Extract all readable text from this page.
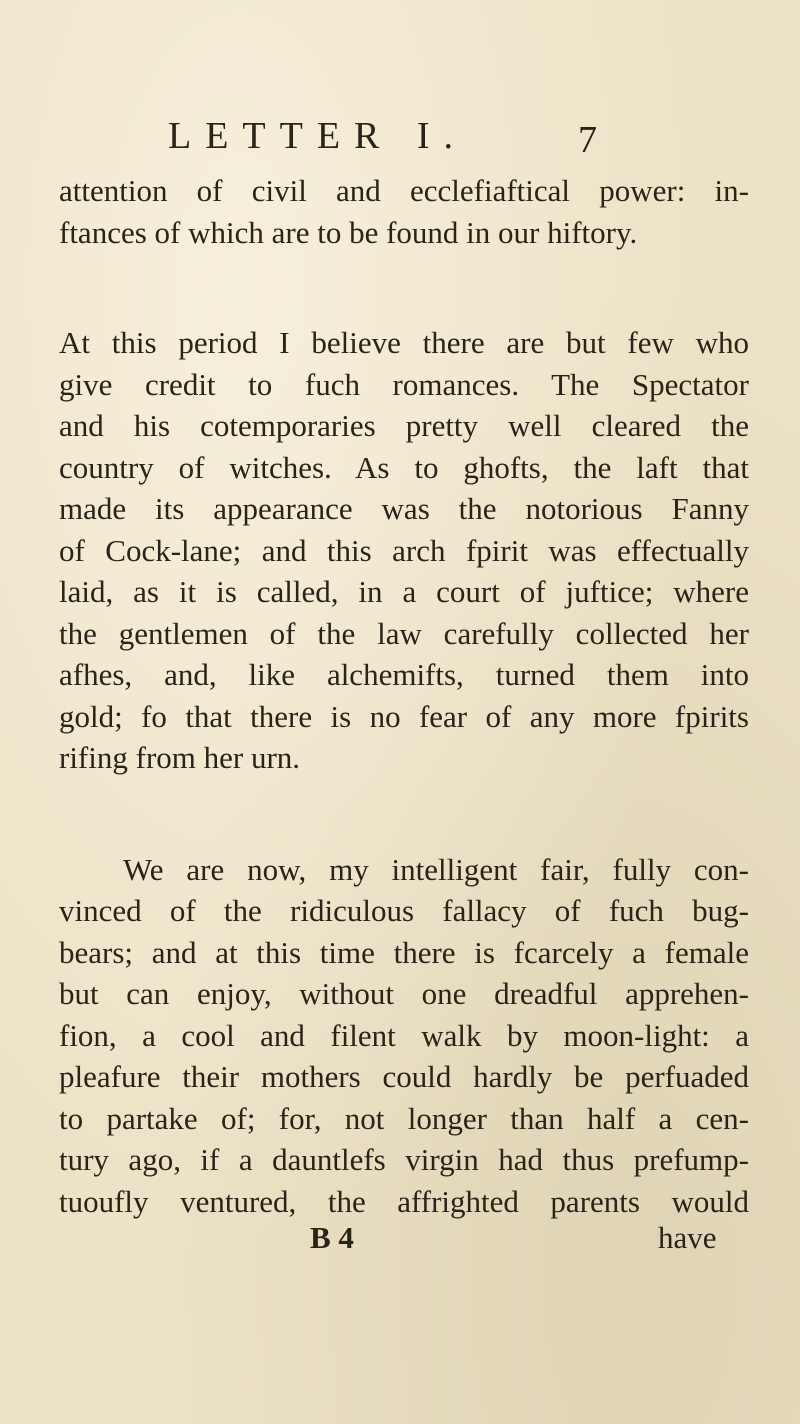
LETTER I.	7
attention of civil and ecclefiaftical power: in-
ftances of which are to be found in our hiftory.
At this period I believe there are but few who
give credit to fuch romances. The Spectator
and his cotemporaries pretty well cleared the
country of witches. As to ghofts, the laft that
made its appearance was the notorious Fanny
of Cock-lane; and this arch fpirit was effectually
laid, as it is called, in a court of juftice; where
the gentlemen of the law carefully collected her
afhes, and, like alchemifts, turned them into
gold; fo that there is no fear of any more fpirits
rifing from her urn.
We are now, my intelligent fair, fully con-
vinced of the ridiculous fallacy of fuch bug-
bears; and at this time there is fcarcely a female
but can enjoy, without one dreadful apprehen-
fion, a cool and filent walk by moon-light: a
pleafure their mothers could hardly be perfuaded
to partake of; for, not longer than half a cen-
tury ago, if a dauntlefs virgin had thus prefump-
tuoufly ventured, the affrighted parents would
B 4	have
